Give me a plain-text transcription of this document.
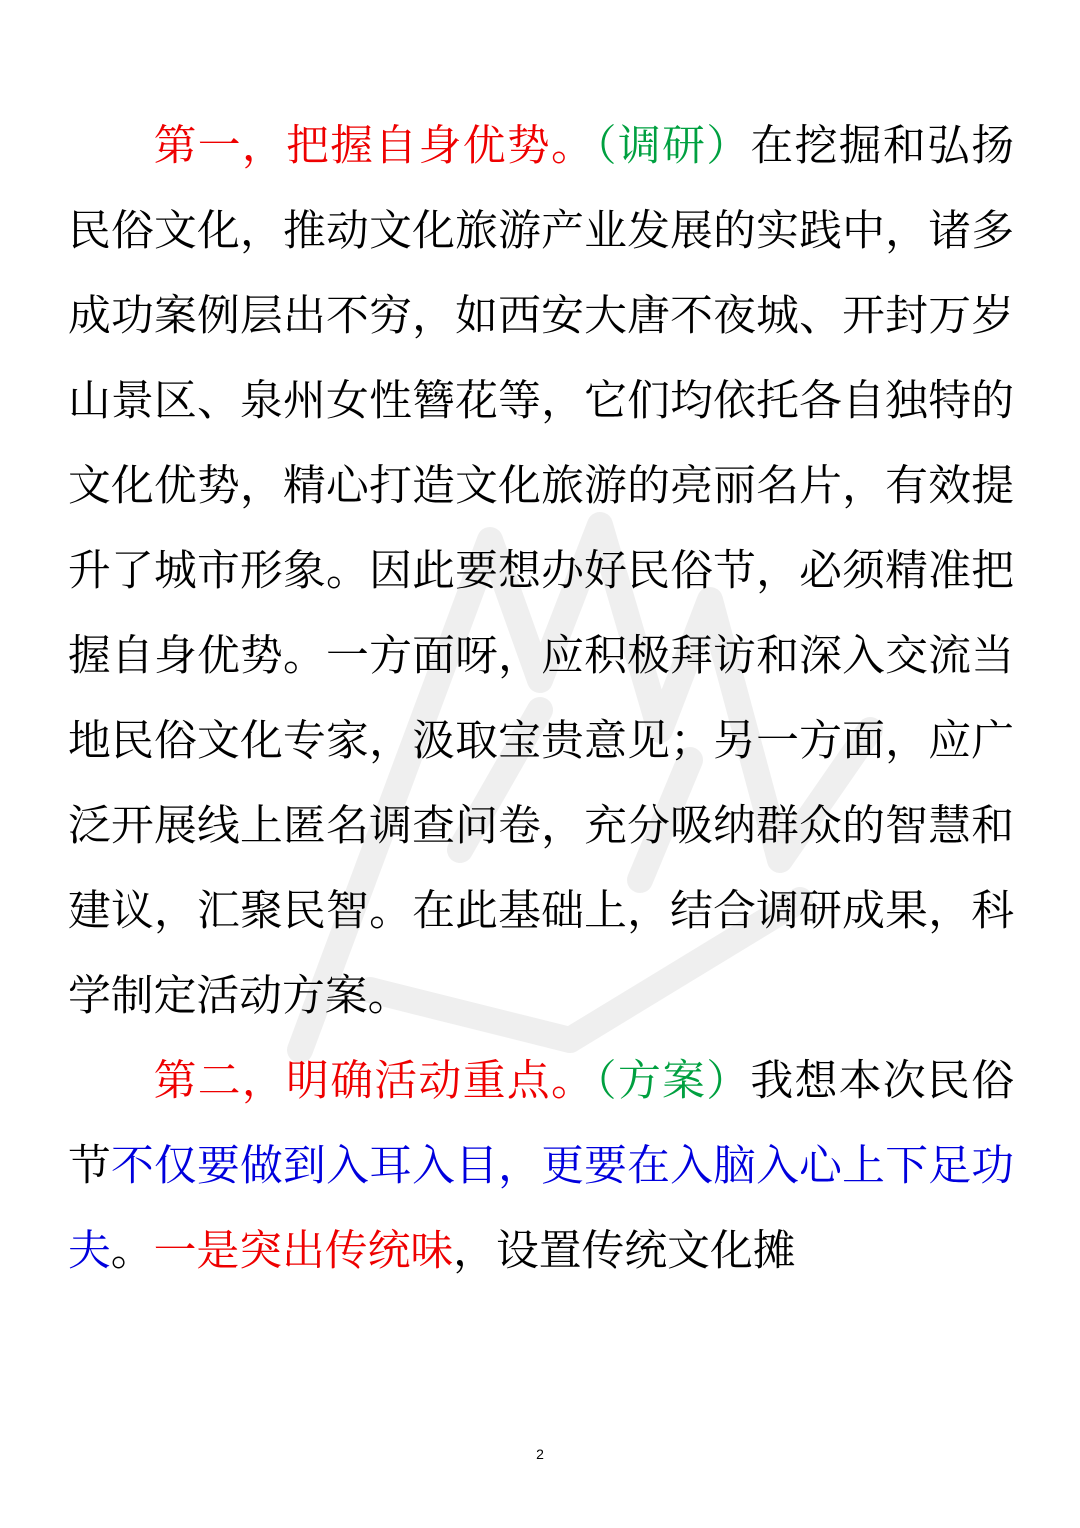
第一，把握自身优势。（调研）在挖掘和弘扬民俗文化，推动文化旅游产业发展的实践中，诸多成功案例层出不穷，如西安大唐不夜城、开封万岁山景区、泉州女性簪花等，它们均依托各自独特的文化优势，精心打造文化旅游的亮丽名片，有效提升了城市形象。因此要想办好民俗节，必须精准把握自身优势。一方面呀，应积极拜访和深入交流当地民俗文化专家，汲取宝贵意见；另一方面，应广泛开展线上匿名调查问卷，充分吸纳群众的智慧和建议，汇聚民智。在此基础上，结合调研成果，科学制定活动方案。

第二，明确活动重点。（方案）我想本次民俗节不仅要做到入耳入目，更要在入脑入心上下足功夫。一是突出传统味，设置传统文化摊

2
